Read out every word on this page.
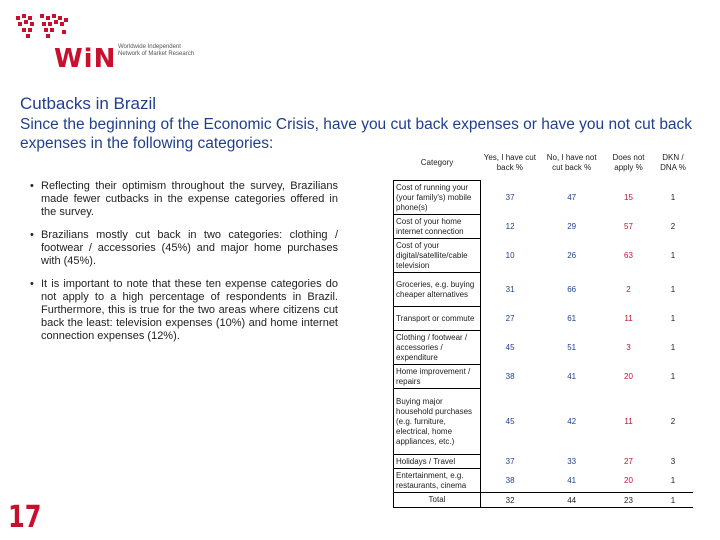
WiN Worldwide Independent Network of Market Research
Cutbacks in Brazil
Since the beginning of the Economic Crisis, have you cut back expenses or have you not cut back expenses in the following categories:
• Reflecting their optimism throughout the survey, Brazilians made fewer cutbacks in the expense categories offered in the survey.
• Brazilians mostly cut back in two categories: clothing / footwear / accessories (45%) and major home purchases with (45%).
• It is important to note that these ten expense categories do not apply to a high percentage of respondents in Brazil. Furthermore, this is true for the two areas where citizens cut back the least: television expenses (10%) and home internet connection expenses (12%).
Category	Yes, I have cut back %	No, I have not cut back %	Does not apply %	DKN / DNA %
Cost of running your (your family's) mobile phone(s)	37	47	15	1
Cost of your home internet connection	12	29	57	2
Cost of your digital/satellite/cable television	10	26	63	1
Groceries, e.g. buying cheaper alternatives	31	66	2	1
Transport or commute	27	61	11	1
Clothing / footwear / accessories / expenditure	45	51	3	1
Home improvement / repairs	38	41	20	1
Buying major household purchases (e.g. furniture, electrical, home appliances, etc.)	45	42	11	2
Holidays / Travel	37	33	27	3
Entertainment, e.g. restaurants, cinema	38	41	20	1
Total	32	44	23	1
17
